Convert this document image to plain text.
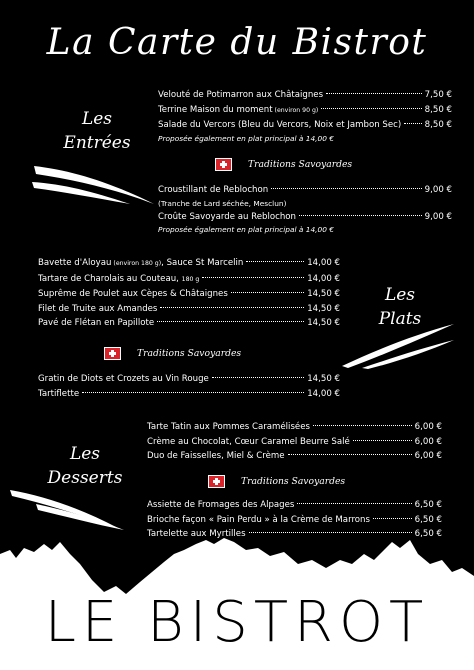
La Carte du Bistrot
Les
Entrées
Velouté de Potimarron aux Châtaignes	7,50 €
Terrine Maison du moment (environ 90 g)	8,50 €
Salade du Vercors (Bleu du Vercors, Noix et Jambon Sec)	8,50 €
Proposée également en plat principal à 14,00 €
Traditions Savoyardes
Croustillant de Reblochon	9,00 €
(Tranche de Lard séchée, Mesclun)
Croûte Savoyarde au Reblochon	9,00 €
Proposée également en plat principal à 14,00 €
Bavette d'Aloyau (environ 180 g), Sauce St Marcelin	14,00 €
Tartare de Charolais au Couteau, 180 g	14,00 €
Suprême de Poulet aux Cèpes & Châtaignes	14,50 €
Filet de Truite aux Amandes	14,50 €
Pavé de Flétan en Papillote	14,50 €
Les
Plats
Traditions Savoyardes
Gratin de Diots et Crozets au Vin Rouge	14,50 €
Tartiflette	14,00 €
Tarte Tatin aux Pommes Caramélisées	6,00 €
Crème au Chocolat, Cœur Caramel Beurre Salé	6,00 €
Duo de Faisselles, Miel & Crème	6,00 €
Les
Desserts	Traditions Savoyardes
Assiette de Fromages des Alpages	6,50 €
Brioche façon « Pain Perdu » à la Crème de Marrons	6,50 €
Tartelette aux Myrtilles	6,50 €
LE BISTROT
